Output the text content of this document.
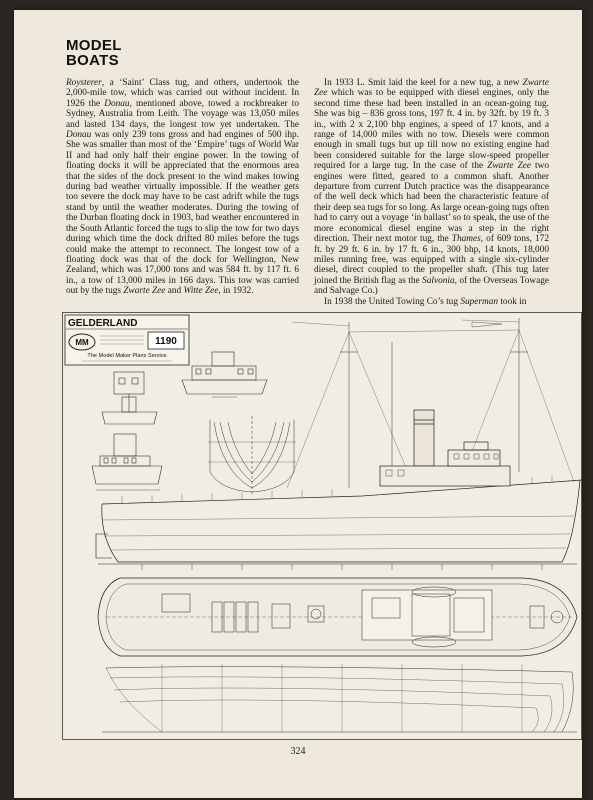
MODEL
BOATS

Roysterer, a ‘Saint’ Class tug, and others, undertook the 2,000-mile tow, which was carried out without incident. In 1926 the Donau, mentioned above, towed a rockbreaker to Sydney, Australia from Leith. The voyage was 13,050 miles and lasted 134 days, the longest tow yet undertaken. The Donau was only 239 tons gross and had engines of 500 ihp. She was smaller than most of the ‘Empire’ tugs of World War II and had only half their engine power. In the towing of floating docks it will be appreciated that the enormous area that the sides of the dock present to the wind makes towing during bad weather virtually impossible. If the weather gets too severe the dock may have to be cast adrift while the tugs stand by until the weather moderates. During the towing of the Durban floating dock in 1903, bad weather encountered in the South Atlantic forced the tugs to slip the tow for two days during which time the dock drifted 80 miles before the tugs could make the attempt to reconnect. The longest tow of a floating dock was that of the dock for Wellington, New Zealand, which was 17,000 tons and was 584 ft. by 117 ft. 6 in., a tow of 13,000 miles in 166 days. This tow was carried out by the tugs Zwarte Zee and Witte Zee, in 1932.

In 1933 L. Smit laid the keel for a new tug, a new Zwarte Zee which was to be equipped with diesel engines, only the second time these had been installed in an ocean-going tug. She was big – 836 gross tons, 197 ft. 4 in. by 32ft. by 19 ft. 3 in., with 2 x 2,100 bhp engines, a speed of 17 knots, and a range of 14,000 miles with no tow. Diesels were common enough in small tugs but up till now no existing engine had been considered suitable for the large slow-speed propeller required for a large tug. In the case of the Zwarte Zee two engines were fitted, geared to a common shaft. Another departure from current Dutch practice was the disappearance of the well deck which had been the characteristic feature of their deep sea tugs for so long. As large ocean-going tugs often had to carry out a voyage ‘in ballast’ so to speak, the use of the more economical diesel engine was a step in the right direction. Their next motor tug, the Thames, of 609 tons, 172 ft. by 29 ft. 6 in. by 17 ft. 6 in., 300 bhp, 14 knots, 18,000 miles running free, was equipped with a single six-cylinder diesel, direct coupled to the propeller shaft. (This tug later joined the British flag as the Salvonia, of the Overseas Towage and Salvage Co.)

In 1938 the United Towing Co’s tug Superman took in

GELDERLAND
MM	1190
The Model Maker Plans Service
324
